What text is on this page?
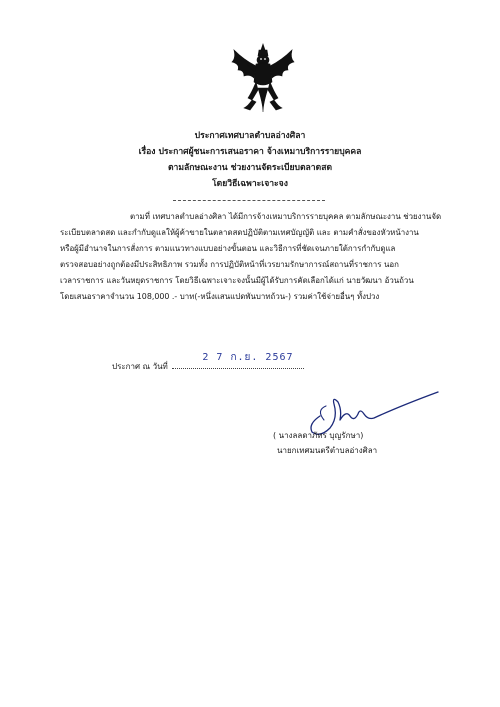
ประกาศเทศบาลตำบลอ่างศิลา
เรื่อง ประกาศผู้ชนะการเสนอราคา จ้างเหมาบริการรายบุคคล
ตามลักษณะงาน ช่วยงานจัดระเบียบตลาดสด
โดยวิธีเฉพาะเจาะจง
ตามที่ เทศบาลตำบลอ่างศิลา ได้มีการจ้างเหมาบริการรายบุคคล ตามลักษณะงาน ช่วยงานจัด
ระเบียบตลาดสด และกำกับดูแลให้ผู้ค้าขายในตลาดสดปฏิบัติตามเทศบัญญัติ และ ตามคำสั่งของหัวหน้างาน
หรือผู้มีอำนาจในการสั่งการ ตามแนวทางแบบอย่างขั้นตอน และวิธีการที่ชัดเจนภายใต้การกำกับดูแล
ตรวจสอบอย่างถูกต้องมีประสิทธิภาพ รวมทั้ง การปฏิบัติหน้าที่เวรยามรักษาการณ์สถานที่ราชการ นอก
เวลาราชการ และวันหยุดราชการ โดยวิธีเฉพาะเจาะจงนั้นมีผู้ได้รับการคัดเลือกได้แก่ นายวัฒนา อ้วนถ้วน
โดยเสนอราคาจำนวน 108,000 .- บาท(-หนึ่งแสนแปดพันบาทถ้วน-) รวมค่าใช้จ่ายอื่นๆ ทั้งปวง
ประกาศ ณ วันที่
2 7 ก.ย. 2567
( นางลลดาภัทร บุญรักษา)
นายกเทศมนตรีตำบลอ่างศิลา
